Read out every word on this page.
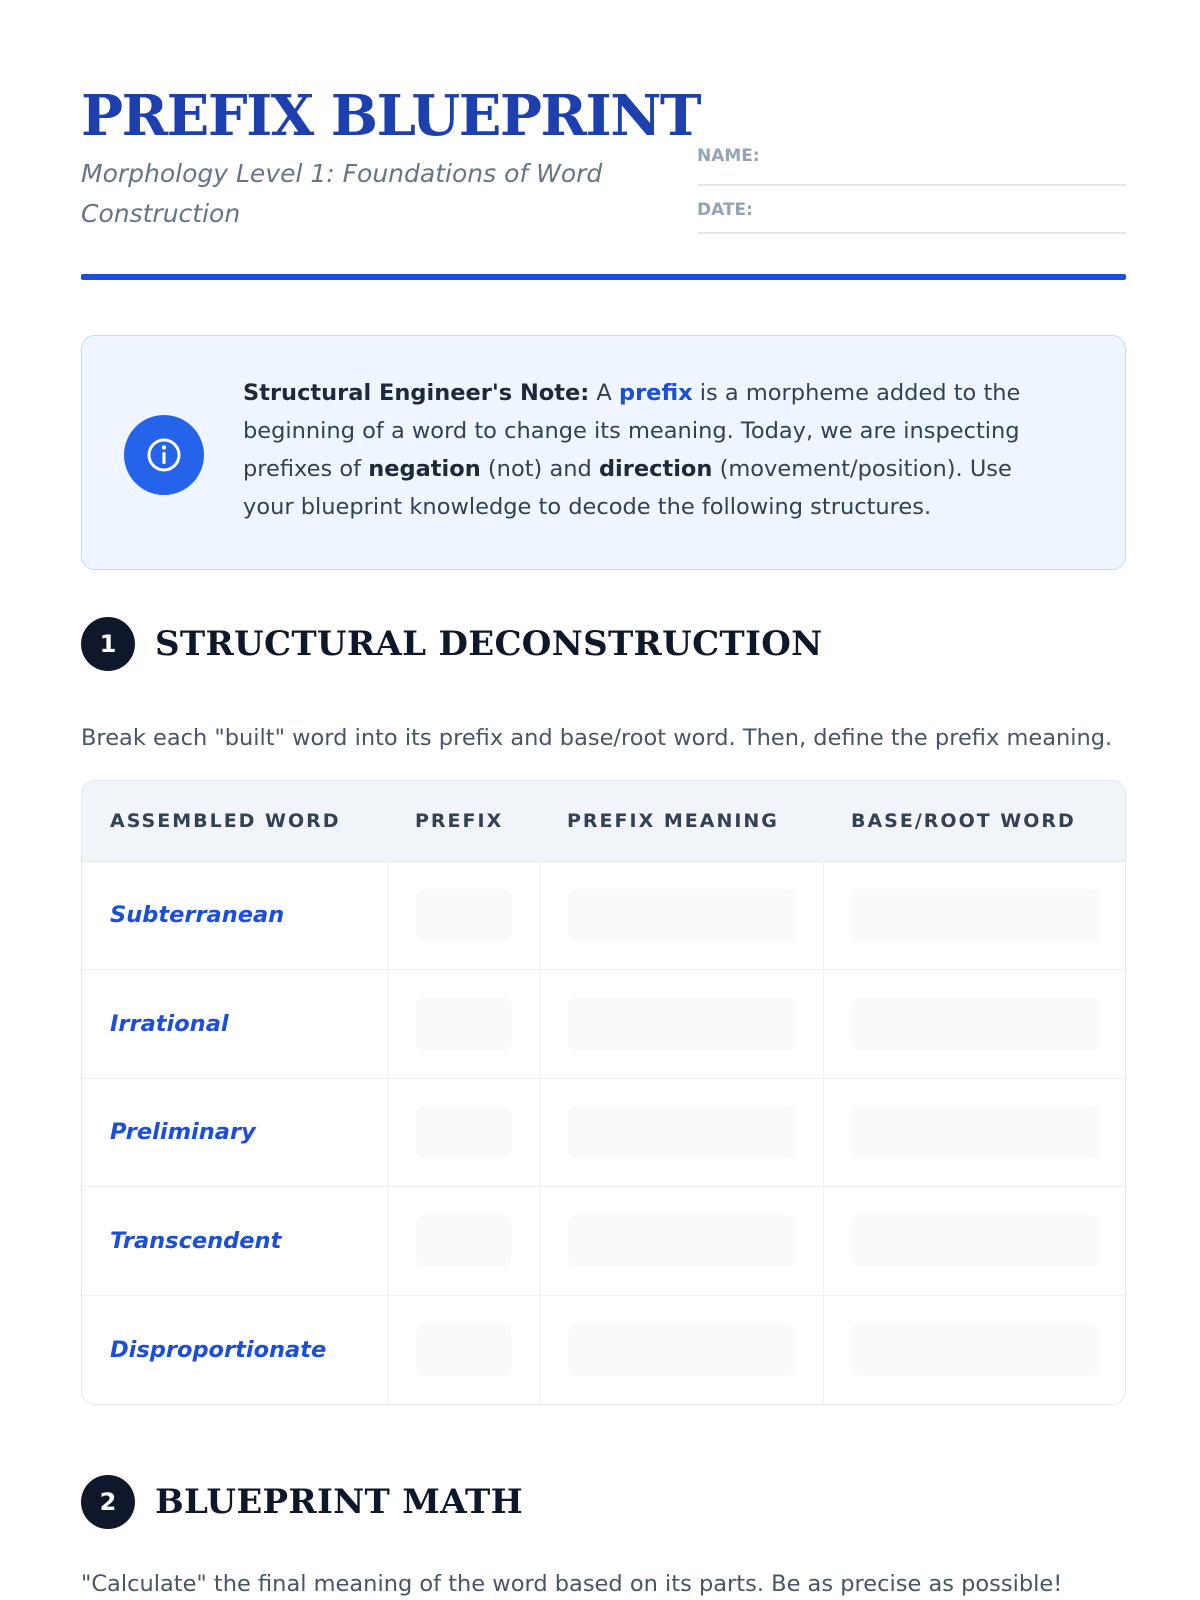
PREFIX BLUEPRINT
Morphology Level 1: Foundations of Word Construction
NAME:
DATE:
Structural Engineer's Note: A prefix is a morpheme added to the beginning of a word to change its meaning. Today, we are inspecting prefixes of negation (not) and direction (movement/position). Use your blueprint knowledge to decode the following structures.
1	STRUCTURAL DECONSTRUCTION
Break each "built" word into its prefix and base/root word. Then, define the prefix meaning.
ASSEMBLED WORD	PREFIX	PREFIX MEANING	BASE/ROOT WORD
Subterranean	

Irrational	

Preliminary	

Transcendent	

Disproportionate	

2	BLUEPRINT MATH
"Calculate" the final meaning of the word based on its parts. Be as precise as possible!
